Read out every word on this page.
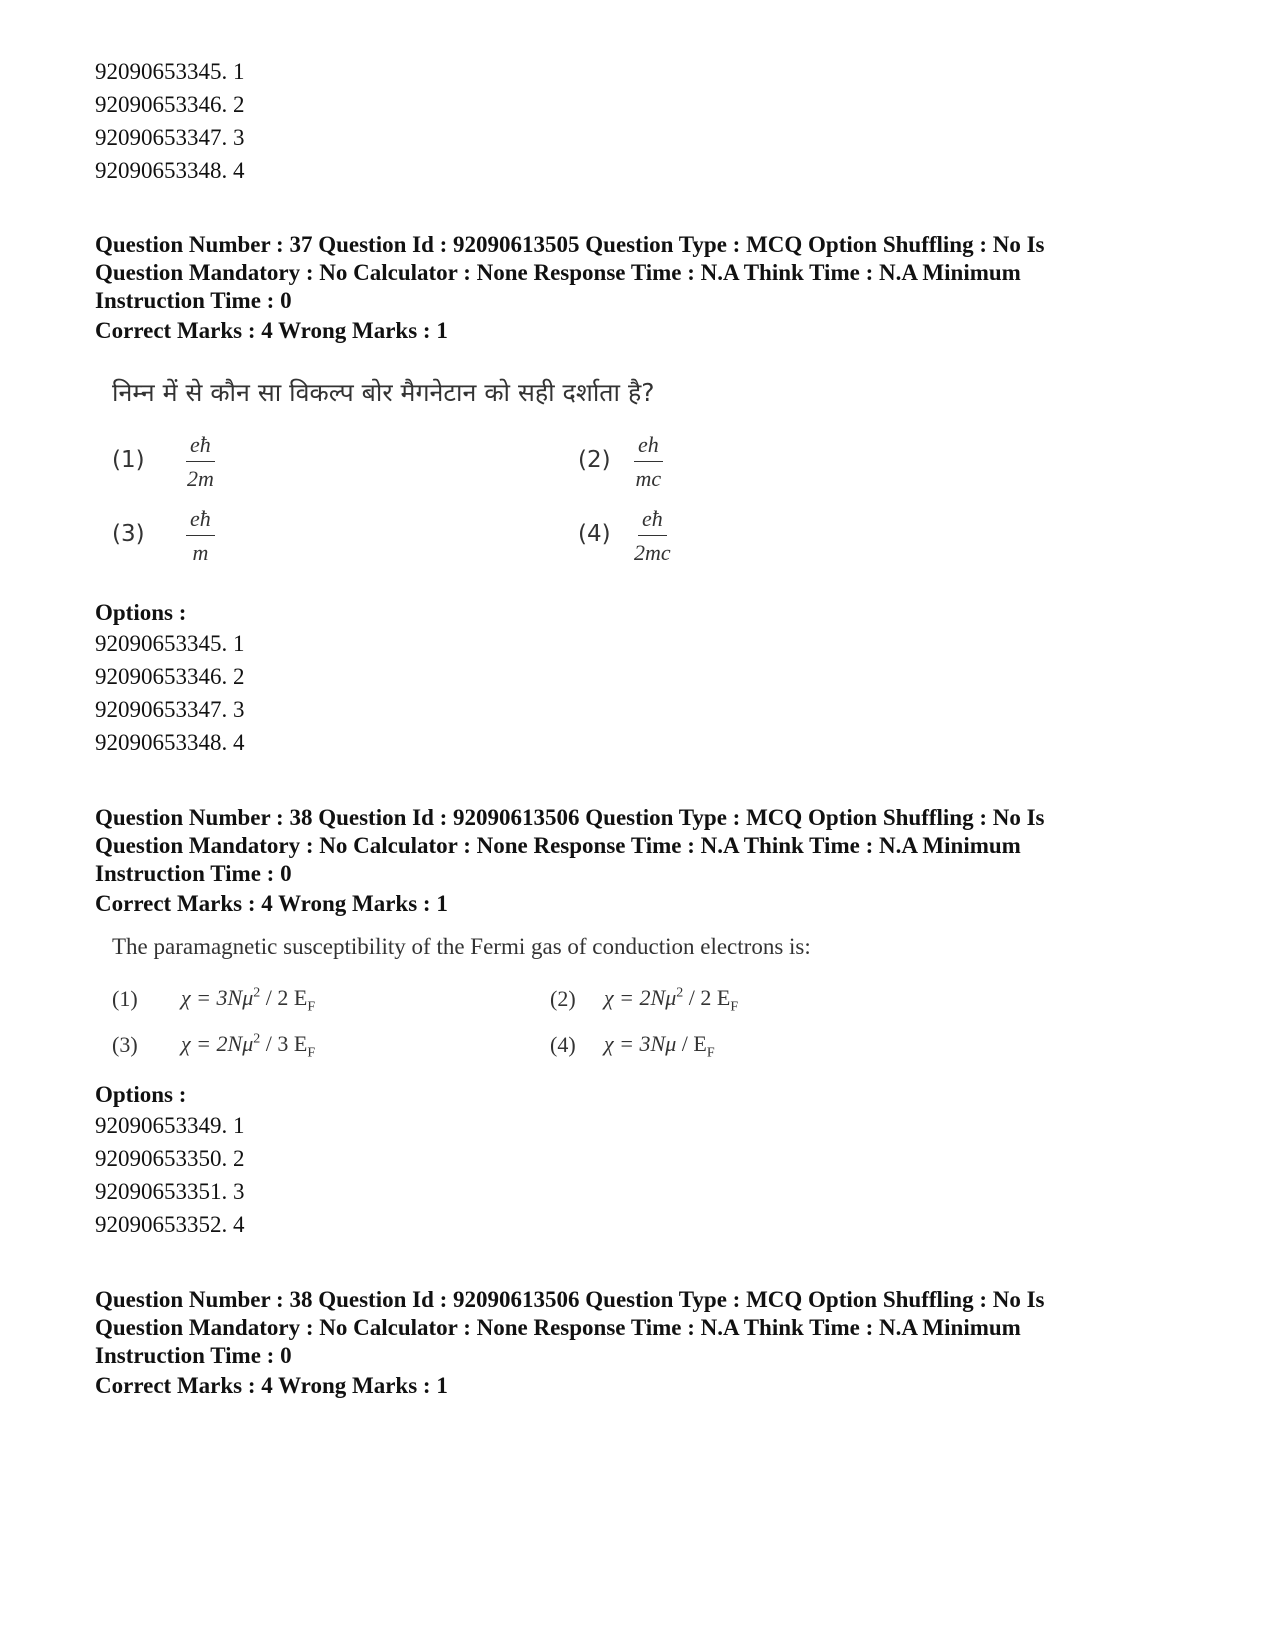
92090653345. 1
92090653346. 2
92090653347. 3
92090653348. 4
Question Number : 37 Question Id : 92090613505 Question Type : MCQ Option Shuffling : No Is
Question Mandatory : No Calculator : None Response Time : N.A Think Time : N.A Minimum
Instruction Time : 0
Correct Marks : 4 Wrong Marks : 1
निम्न में से कौन सा विकल्प बोर मैगनेटान को सही दर्शाता है?
$(1) \frac{eħ}{2m}$	$(2) \frac{eh}{mc}$
$(3) \frac{eħ}{m}$	$(4) \frac{eħ}{2mc}$
Options :
92090653345. 1
92090653346. 2
92090653347. 3
92090653348. 4
Question Number : 38 Question Id : 92090613506 Question Type : MCQ Option Shuffling : No Is
Question Mandatory : No Calculator : None Response Time : N.A Think Time : N.A Minimum
Instruction Time : 0
Correct Marks : 4 Wrong Marks : 1
The paramagnetic susceptibility of the Fermi gas of conduction electrons is:
(1) $\chi = 3N\mu^2 / 2$ $E_F$	(2) $\chi = 2N\mu^2 / 2$ $E_F$
(3) $\chi = 2N\mu^2 / 3$ $E_F$	(4) $\chi = 3N\mu / E_F$
Options :
92090653349. 1
92090653350. 2
92090653351. 3
92090653352. 4
Question Number : 38 Question Id : 92090613506 Question Type : MCQ Option Shuffling : No Is
Question Mandatory : No Calculator : None Response Time : N.A Think Time : N.A Minimum
Instruction Time : 0
Correct Marks : 4 Wrong Marks : 1
